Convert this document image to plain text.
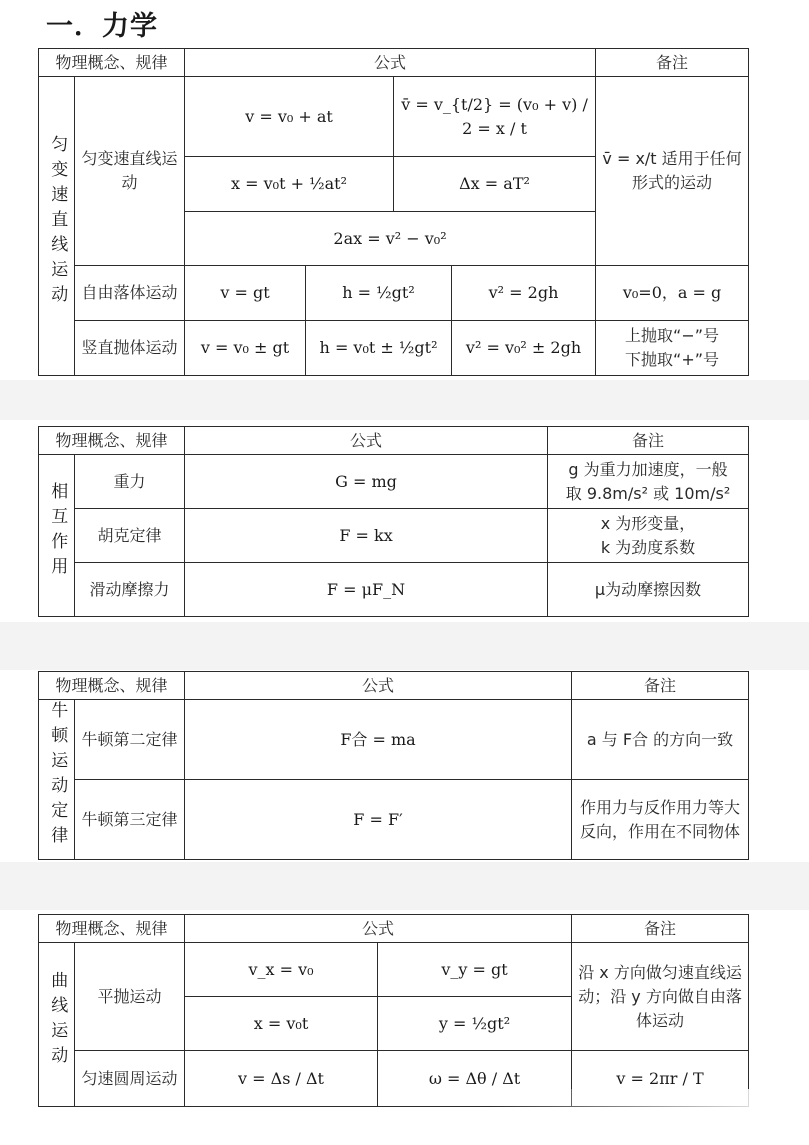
一．力学
物理概念、规律		公式				备注
匀变速直线运动	匀变速直线运动	v = v₀ + at		v̄ = v_{t/2} = (v₀ + v) / 2 = x / t		v̄ = x/t 适用于任何形式的运动
		x = v₀t + ½at²		Δx = aT²		
		2ax = v² − v₀²				
	自由落体运动	v = gt	h = ½gt²		v² = 2gh	v₀=0，a = g
	竖直抛体运动	v = v₀ ± gt	h = v₀t ± ½gt²		v² = v₀² ± 2gh	上抛取“−”号
下抛取“+”号
物理概念、规律		公式	备注
相互作用	重力	G = mg	g 为重力加速度，一般
取 9.8m/s² 或 10m/s²

	胡克定律	F = kx	x 为形变量，
k 为劲度系数

	滑动摩擦力	F = μF_N	μ为动摩擦因数
物理概念、规律		公式	备注
牛顿运动定律	牛顿第二定律	F合 = ma	a 与 F合 的方向一致
	牛顿第三定律	F = F′	作用力与反作用力等大反向，作用在不同物体
物理概念、规律		公式		备注
曲线运动	平抛运动	v_x = v₀	v_y = gt	沿 x 方向做匀速直线运动；沿 y 方向做自由落体运动
		x = v₀t	y = ½gt²	
	匀速圆周运动	v = Δs / Δt	ω = Δθ / Δt	v = 2πr / T
